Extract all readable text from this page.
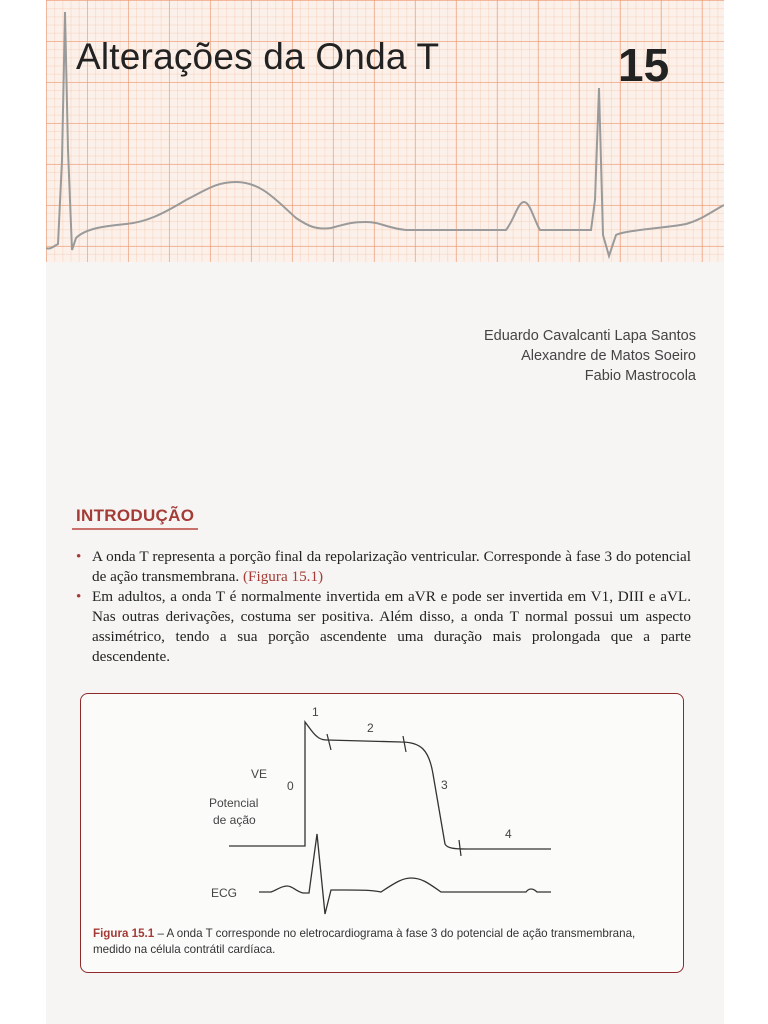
Alterações da Onda T	15
Eduardo Cavalcanti Lapa Santos
Alexandre de Matos Soeiro
Fabio Mastrocola
INTRODUÇÃO
• A onda T representa a porção final da repolarização ventricular. Corresponde à fase 3 do potencial de ação transmembrana. (Figura 15.1)
• Em adultos, a onda T é normalmente invertida em aVR e pode ser invertida em V1, DIII e aVL. Nas outras derivações, costuma ser positiva. Além disso, a onda T normal possui um aspecto assimétrico, tendo a sua porção ascendente uma duração mais prolongada que a parte descendente.
1
2
0	3
4
VE
Potencial
de ação
ECG
Figura 15.1 – A onda T corresponde no eletrocardiograma à fase 3 do potencial de ação transmembrana, medido na célula contrátil cardíaca.
